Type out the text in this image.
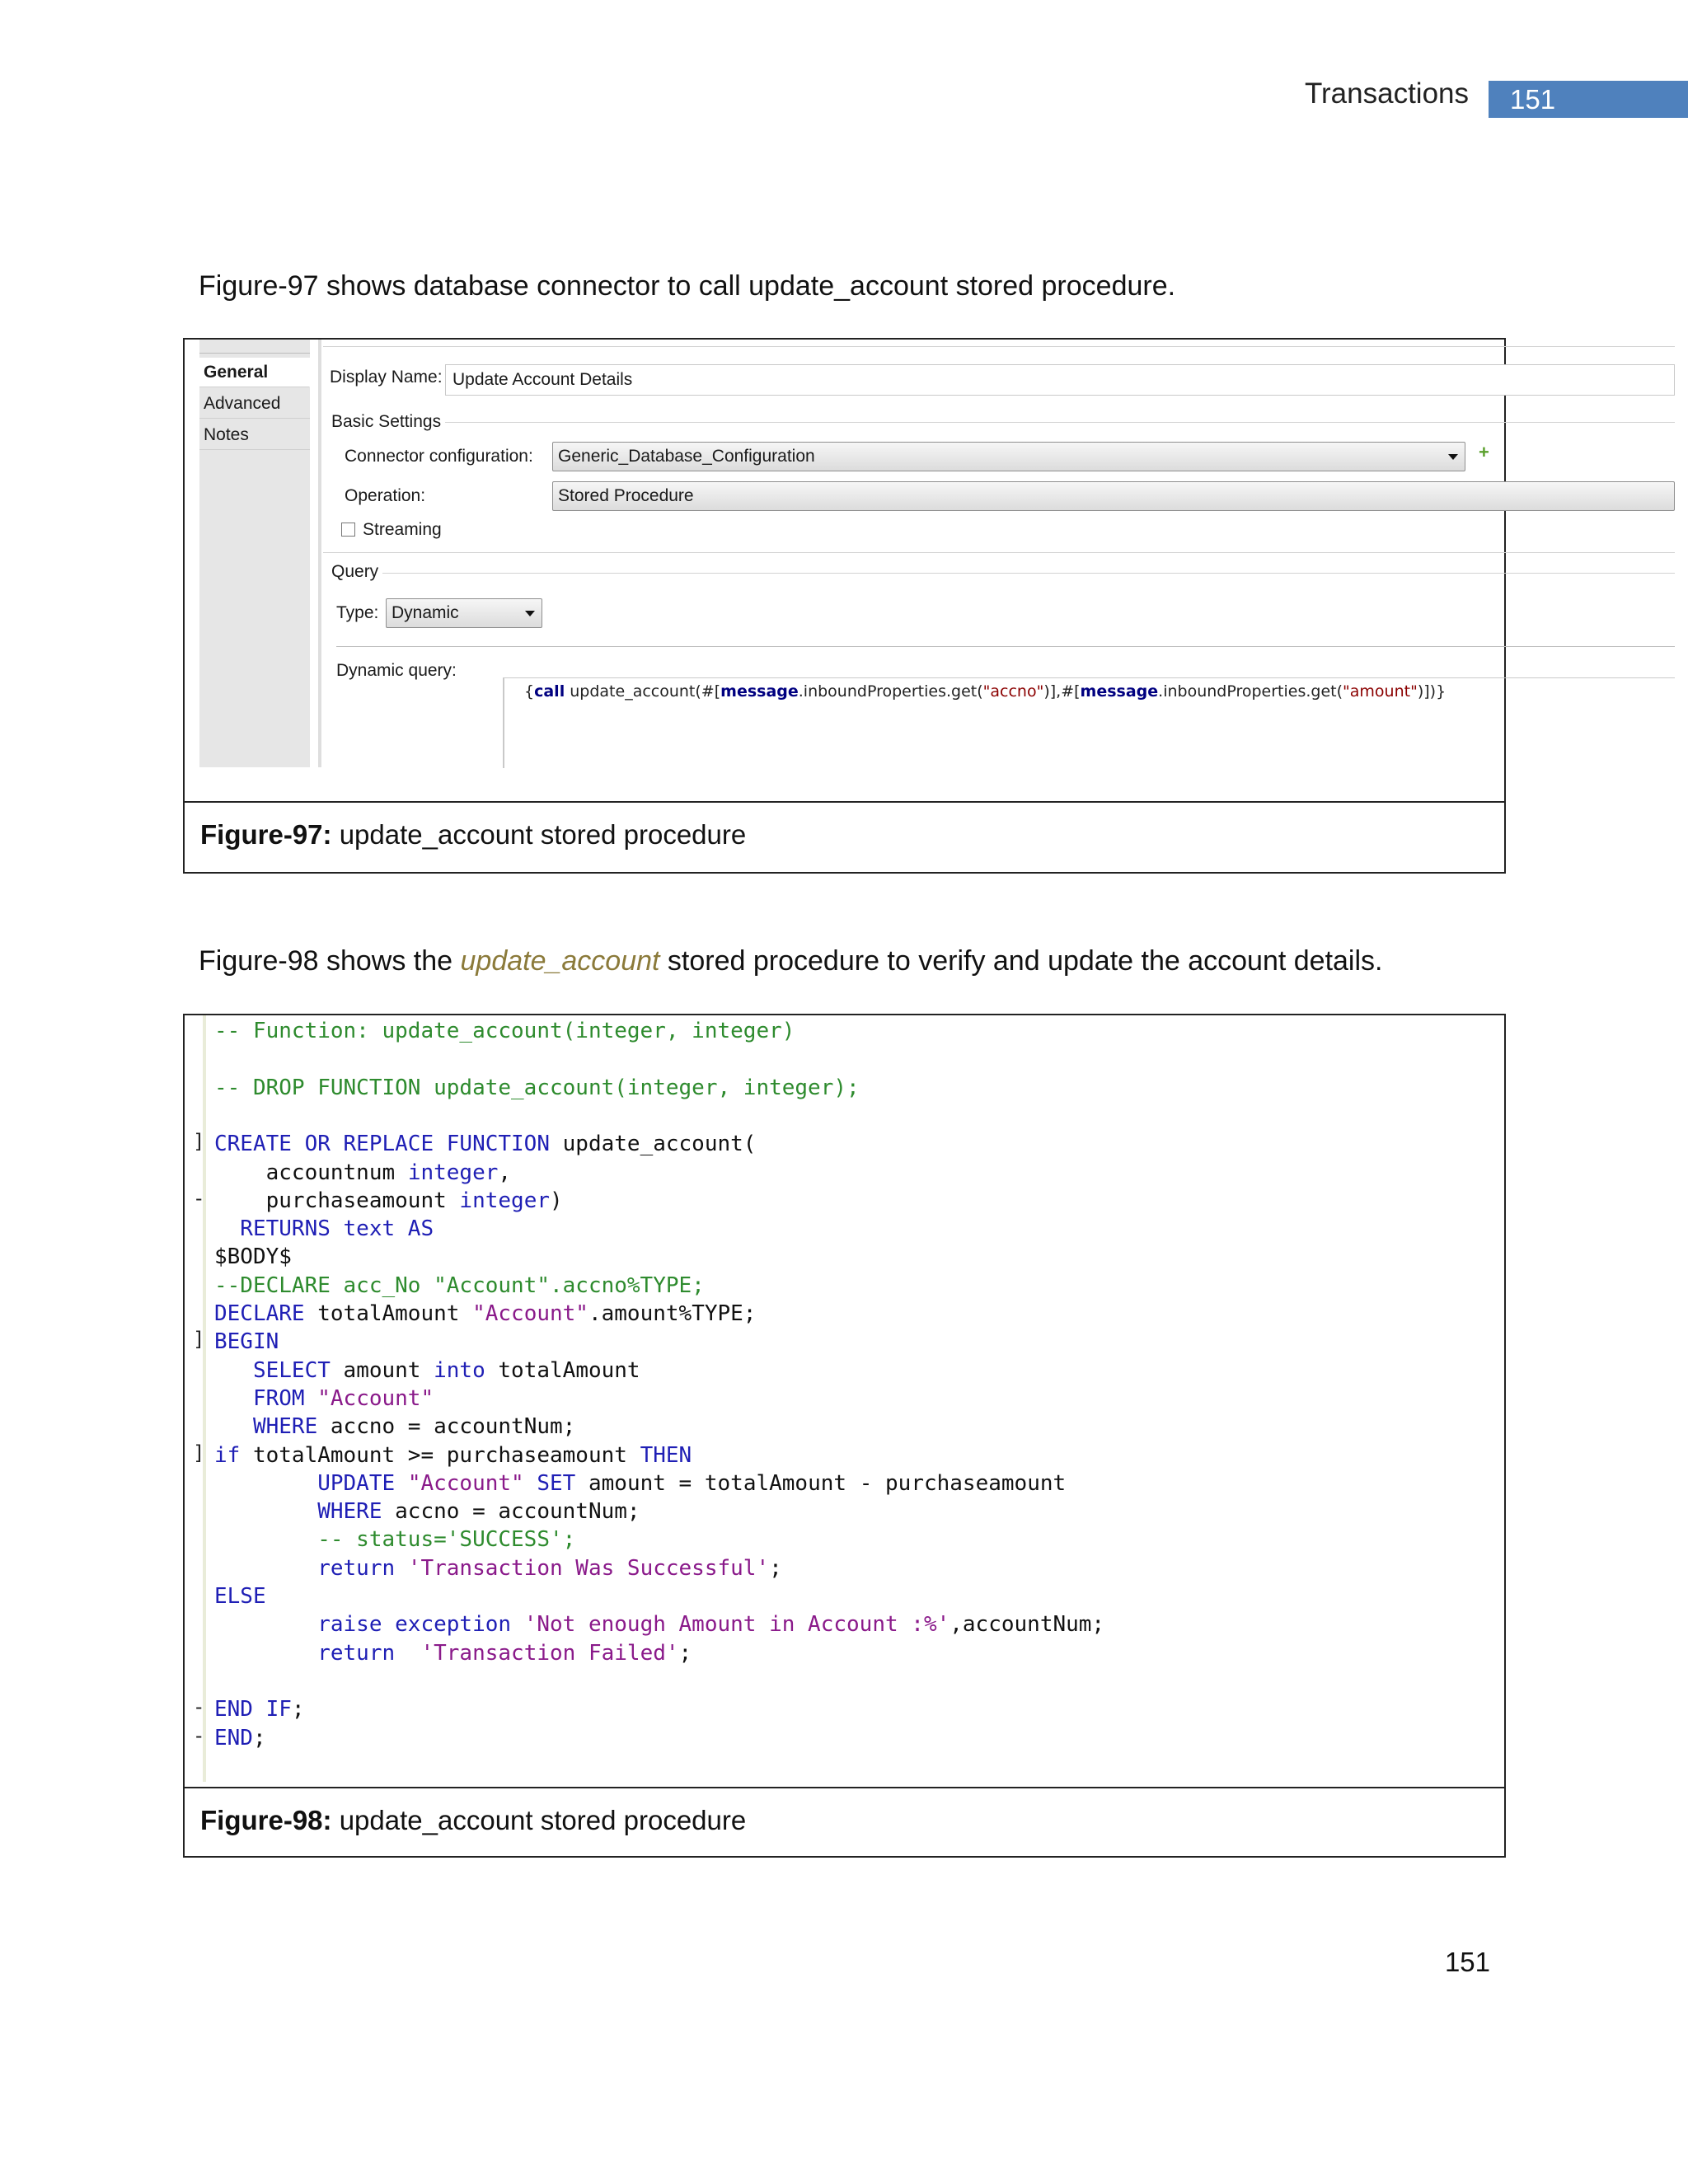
Transactions	151
Figure-97 shows database connector to call update_account stored procedure.
General
Advanced
Notes
Display Name: Update Account Details
Basic Settings
Connector configuration:	Generic_Database_Configuration	+
Operation:	Stored Procedure
Streaming
Query
Type: Dynamic
Dynamic query:
{call update_account(#[message.inboundProperties.get("accno")],#[message.inboundProperties.get("amount")])}
Figure-97: update_account stored procedure
Figure-98 shows the update_account stored procedure to verify and update the account details.
-- Function: update_account(integer, integer)
-- DROP FUNCTION update_account(integer, integer);
CREATE OR REPLACE FUNCTION update_account(
accountnum integer,
purchaseamount integer)
RETURNS text AS
$BODY$
--DECLARE acc_No "Account".accno%TYPE;
DECLARE totalAmount "Account".amount%TYPE;
BEGIN
SELECT amount into totalAmount
FROM "Account"
WHERE accno = accountNum;
if totalAmount >= purchaseamount THEN
UPDATE "Account" SET amount = totalAmount - purchaseamount
WHERE accno = accountNum;
-- status='SUCCESS';
return 'Transaction Was Successful';
ELSE
raise exception 'Not enough Amount in Account :%',accountNum;
return 'Transaction Failed';
END IF;
END;
]
-
]
]
-
-
Figure-98: update_account stored procedure
151
